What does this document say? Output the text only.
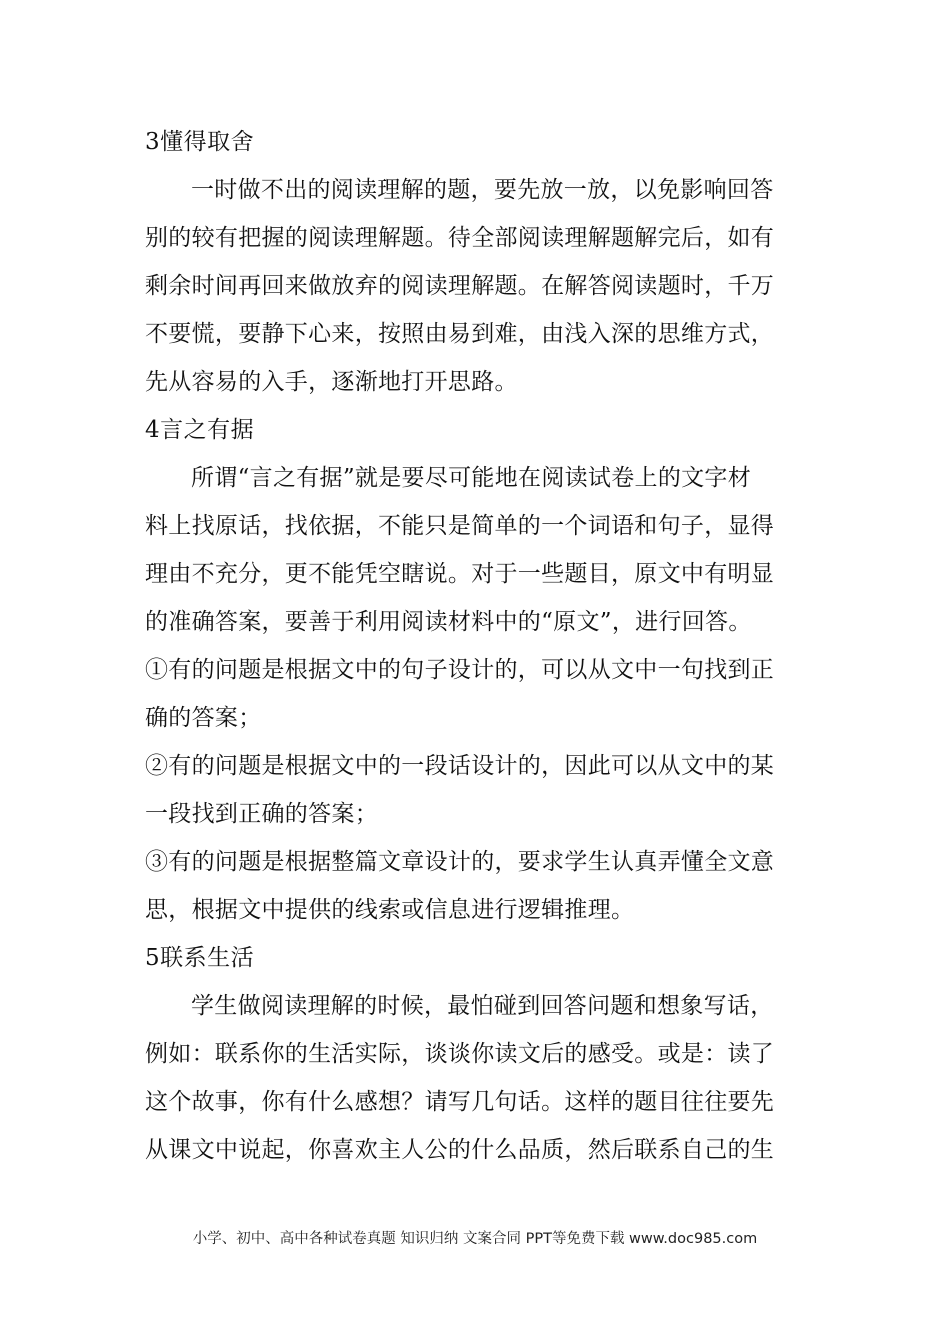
3懂得取舍
一时做不出的阅读理解的题，要先放一放，以免影响回答
别的较有把握的阅读理解题。待全部阅读理解题解完后，如有
剩余时间再回来做放弃的阅读理解题。在解答阅读题时，千万
不要慌，要静下心来，按照由易到难，由浅入深的思维方式，
先从容易的入手，逐渐地打开思路。
4言之有据
所谓“言之有据”就是要尽可能地在阅读试卷上的文字材
料上找原话，找依据，不能只是简单的一个词语和句子，显得
理由不充分，更不能凭空瞎说。对于一些题目，原文中有明显
的准确答案，要善于利用阅读材料中的“原文”，进行回答。
①有的问题是根据文中的句子设计的，可以从文中一句找到正
确的答案；
②有的问题是根据文中的一段话设计的，因此可以从文中的某
一段找到正确的答案；
③有的问题是根据整篇文章设计的，要求学生认真弄懂全文意
思，根据文中提供的线索或信息进行逻辑推理。
5联系生活
学生做阅读理解的时候，最怕碰到回答问题和想象写话，
例如：联系你的生活实际，谈谈你读文后的感受。或是：读了
这个故事，你有什么感想？请写几句话。这样的题目往往要先
从课文中说起，你喜欢主人公的什么品质，然后联系自己的生
小学、初中、高中各种试卷真题 知识归纳 文案合同 PPT等免费下载 www.doc985.com
